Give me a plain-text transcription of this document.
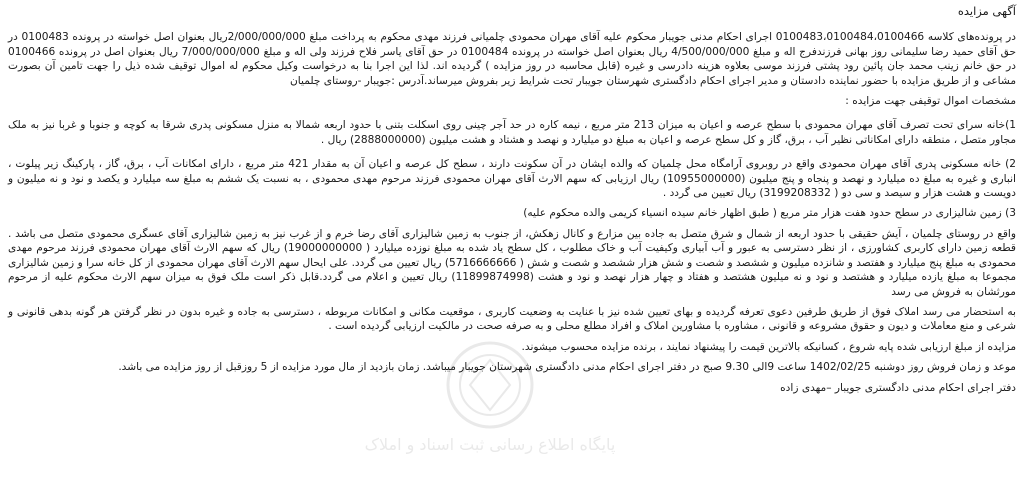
پایگاه اطلاع رسانی ثبت اسناد و املاک

آگهی مزایده

در پرونده‌های کلاسه 0100483،0100484،0100466 اجرای احکام مدنی جویبار محکوم علیه آقای مهران محمودی چلمیانی فرزند مهدی محکوم به پرداخت مبلغ 2/000/000/000ریال بعنوان اصل خواسته در پرونده 0100483 در حق آقای حمید رضا سلیمانی روز بهانی فرزندفرج اله و مبلغ 4/500/000/000 ریال بعنوان اصل خواسته در پرونده 0100484 در حق آقای یاسر فلاح فرزند ولی اله و مبلغ 7/000/000/000 ریال بعنوان اصل در پرونده 0100466 در حق خانم زینب محمد جان پائین رود پشتی فرزند موسی بعلاوه هزینه دادرسی و غیره (قابل محاسبه در روز مزایده ) گردیده اند. لذا این اجرا بنا به درخواست وکیل محکوم له اموال توقیف شده ذیل را جهت تامین آن بصورت مشاعی و از طریق مزایده با حضور نماینده دادستان و مدیر اجرای احکام دادگستری شهرستان جویبار تحت شرایط زیر بفروش میرساند.آدرس :جویبار -روستای چلمیان

مشخصات اموال توقیفی جهت مزایده :

1)خانه سرای تحت تصرف آقای مهران محمودی با سطح عرصه و اعیان به میزان 213 متر مربع ، نیمه کاره در حد آجر چینی روی اسکلت بتنی با حدود اربعه شمالا به منزل مسکونی پدری شرقا به کوچه و جنوبا و غربا نیز به ملک مجاور متصل ، منطقه دارای امکاناتی نظیر آب ، برق، گاز و کل سطح عرصه و اعیان به مبلغ دو میلیارد و نهصد و هشتاد و هشت میلیون (2888000000) ریال .

2) خانه مسکونی پدری آقای مهران محمودی واقع در روبروی آرامگاه محل چلمیان که والده ایشان در آن سکونت دارند ، سطح کل عرصه و اعیان آن به مقدار 421 متر مربع ، دارای امکانات آب ، برق، گاز ، پارکینگ زیر پیلوت ، انباری و غیره به مبلغ ده میلیارد و نهصد و پنجاه و پنج میلیون (10955000000) ریال ارزیابی که سهم الارث آقای مهران محمودی فرزند مرحوم مهدی محمودی ، به نسبت یک ششم به مبلغ سه میلیارد و یکصد و نود و نه میلیون و دویست و هشت هزار و سیصد و سی دو ( 3199208332) ریال تعیین می گردد .

3) زمین شالیزاری در سطح حدود هفت هزار متر مربع ( طبق اظهار خانم سیده انسیاء کریمی والده محکوم علیه)

واقع در روستای چلمیان ، آیش حقیقی با حدود اربعه از شمال و شرق متصل به جاده بین مزارع و کانال زهکش، از جنوب به زمین شالیزاری آقای رضا خرم و از غرب نیز به زمین شالیزاری آقای عسگری محمودی متصل می باشد . قطعه زمین دارای کاربری کشاورزی ، از نظر دسترسی به عبور و آب آبیاری وکیفیت آب و خاک مطلوب ، کل سطح یاد شده به مبلغ نوزده میلیارد ( 19000000000) ریال که سهم الارث آقای مهران محمودی فرزند مرحوم مهدی محمودی به مبلغ پنج میلیارد و هفتصد و شانزده میلیون و ششصد و شصت و شش هزار ششصد و شصت و شش ( 5716666666) ریال تعیین می گردد. علی ایحال سهم الارث آقای مهران محمودی از کل خانه سرا و زمین شالیزاری مجموعا به مبلغ یازده میلیارد و هشتصد و نود و نه میلیون هشتصد و هفتاد و چهار هزار نهصد و نود و هشت (11899874998) ریال تعیین و اعلام می گردد.قابل ذکر است ملک فوق به میزان سهم الارث محکوم علیه از مرحوم مورثشان به فروش می رسد

به استحضار می رسد املاک فوق از طریق طرفین دعوی تعرفه گردیده و بهای تعیین شده نیز با عنایت به وضعیت کاربری ، موقعیت مکانی و امکانات مربوطه ، دسترسی به جاده و غیره بدون در نظر گرفتن هر گونه بدهی قانونی و شرعی و منع معاملات و دیون و حقوق مشروعه و قانونی ، مشاوره با مشاورین املاک و افراد مطلع محلی و به صرفه صحت در مالکیت ارزیابی گردیده است .

مزایده از مبلغ ارزیابی شده پایه شروع ، کسانیکه بالاترین قیمت را پیشنهاد نمایند ، برنده مزایده محسوب میشوند.

موعد و زمان فروش روز دوشنبه 1402/02/25 ساعت 9الی 9.30 صبح در دفتر اجرای احکام مدنی دادگستری شهرستان جویبار میباشد. زمان بازدید از مال مورد مزایده از 5 روزقبل از روز مزایده می باشد.

دفتر اجرای احکام مدنی دادگستری جویبار –مهدی زاده
